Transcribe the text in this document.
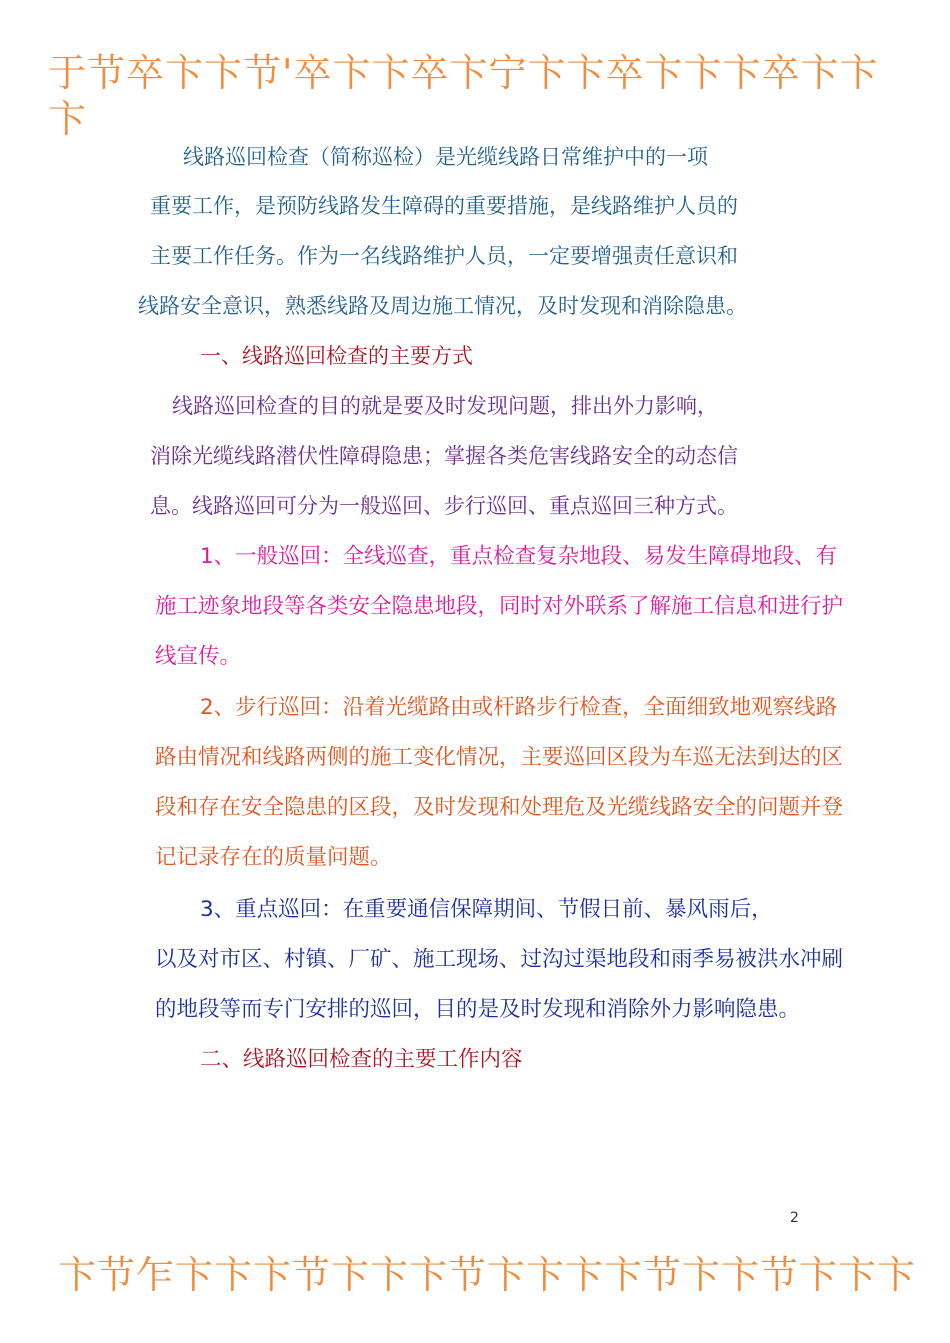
于节卒卞卞节'卒卞卞卒卞宁卞卞卒卞卞卞卒卞卞卞
线路巡回检查（简称巡检）是光缆线路日常维护中的一项
重要工作，是预防线路发生障碍的重要措施，是线路维护人员的
主要工作任务。作为一名线路维护人员，一定要增强责任意识和
线路安全意识，熟悉线路及周边施工情况，及时发现和消除隐患。
一、线路巡回检查的主要方式
线路巡回检查的目的就是要及时发现问题，排出外力影响，
消除光缆线路潜伏性障碍隐患；掌握各类危害线路安全的动态信
息。线路巡回可分为一般巡回、步行巡回、重点巡回三种方式。
1、一般巡回：全线巡查，重点检查复杂地段、易发生障碍地段、有
施工迹象地段等各类安全隐患地段，同时对外联系了解施工信息和进行护
线宣传。
2、步行巡回：沿着光缆路由或杆路步行检查，全面细致地观察线路
路由情况和线路两侧的施工变化情况，主要巡回区段为车巡无法到达的区
段和存在安全隐患的区段，及时发现和处理危及光缆线路安全的问题并登
记记录存在的质量问题。
3、重点巡回：在重要通信保障期间、节假日前、暴风雨后，
以及对市区、村镇、厂矿、施工现场、过沟过渠地段和雨季易被洪水冲刷
的地段等而专门安排的巡回，目的是及时发现和消除外力影响隐患。
二、线路巡回检查的主要工作内容
2
卞节乍卞卞卞节卞卞卞节卞卞卞卞节卞卞节卞卞卞
